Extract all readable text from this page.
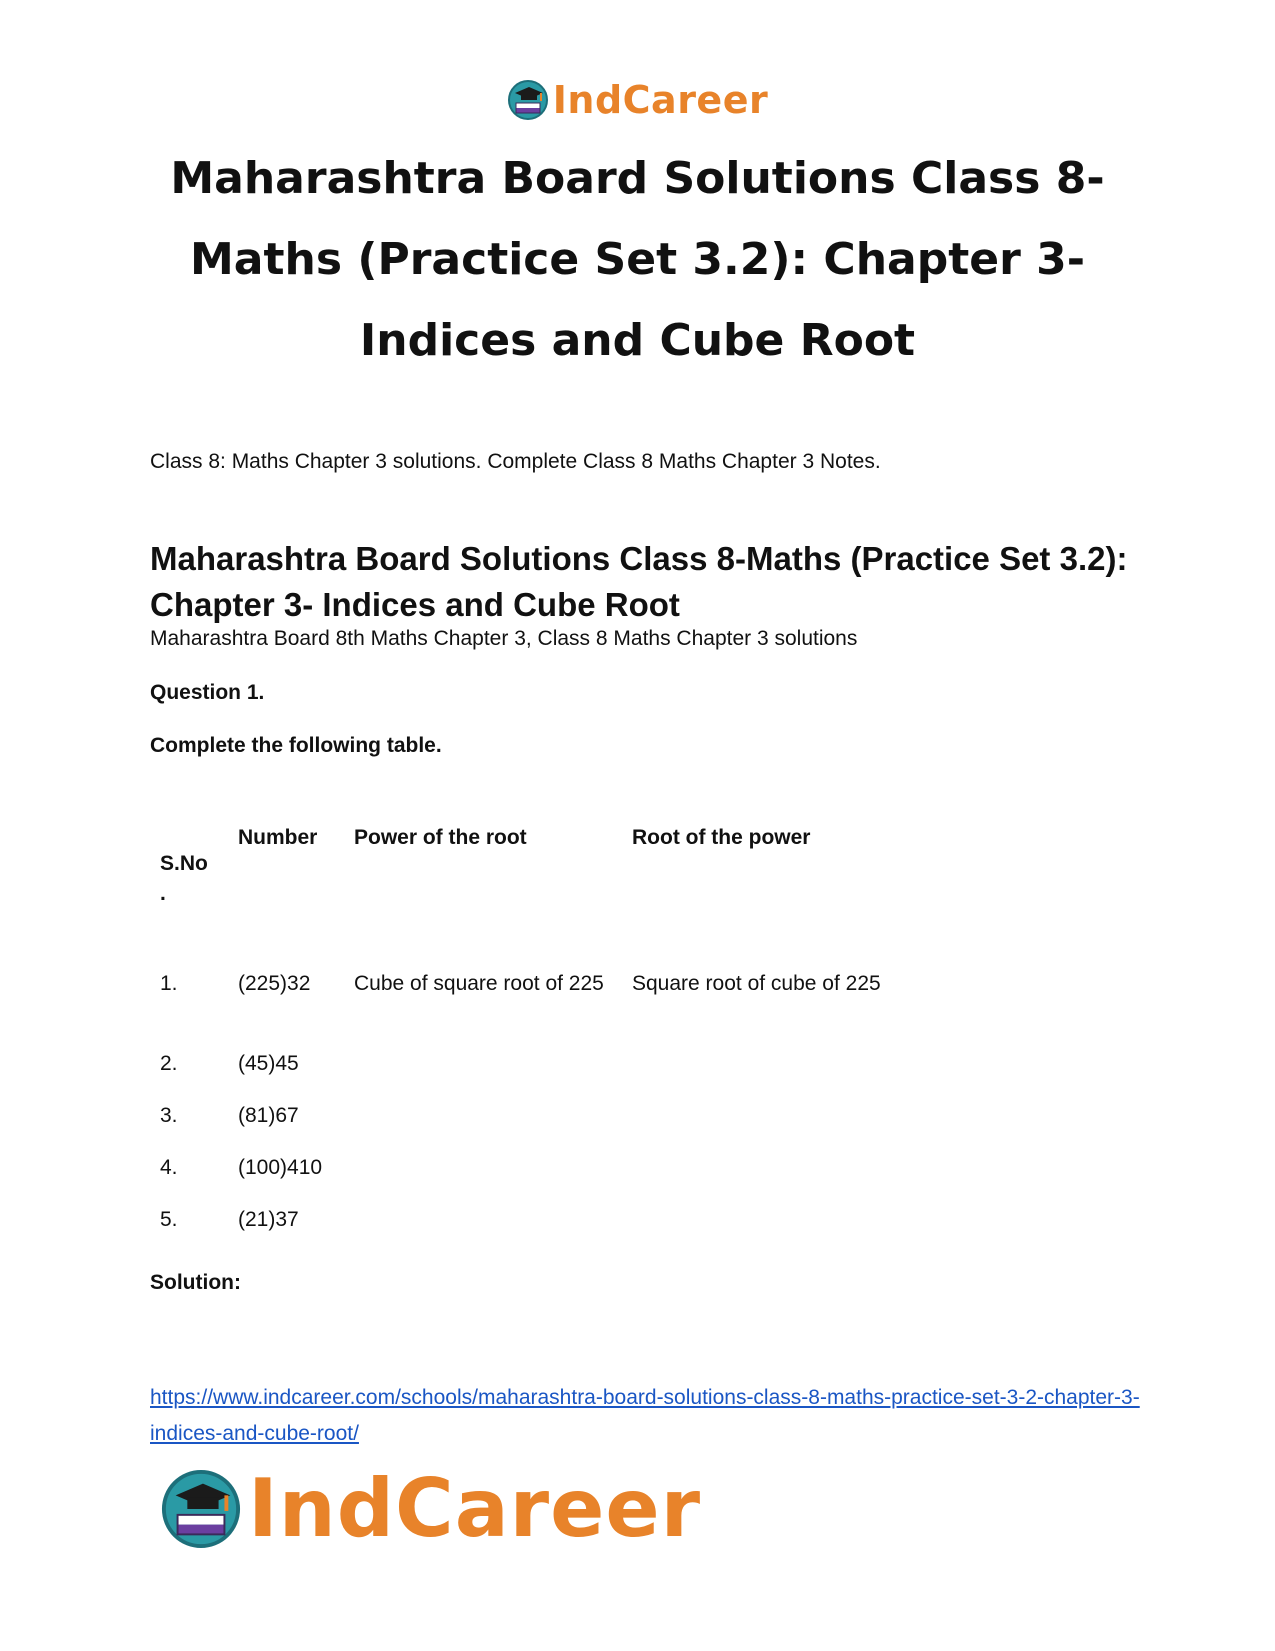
IndCareer
Maharashtra Board Solutions Class 8-Maths (Practice Set 3.2): Chapter 3- Indices and Cube Root

Class 8: Maths Chapter 3 solutions. Complete Class 8 Maths Chapter 3 Notes.

Maharashtra Board Solutions Class 8-Maths (Practice Set 3.2): Chapter 3- Indices and Cube Root

Maharashtra Board 8th Maths Chapter 3, Class 8 Maths Chapter 3 solutions

Question 1.

Complete the following table.

S.No
.	Number	Power of the root	Root of the power
1.	(225)32	Cube of square root of 225	Square root of cube of 225
2.	(45)45		
3.	(81)67		
4.	(100)410		
5.	(21)37		

Solution:

https://www.indcareer.com/schools/maharashtra-board-solutions-class-8-maths-practice-set-3-2-chapter-3-indices-and-cube-root/
IndCareer
